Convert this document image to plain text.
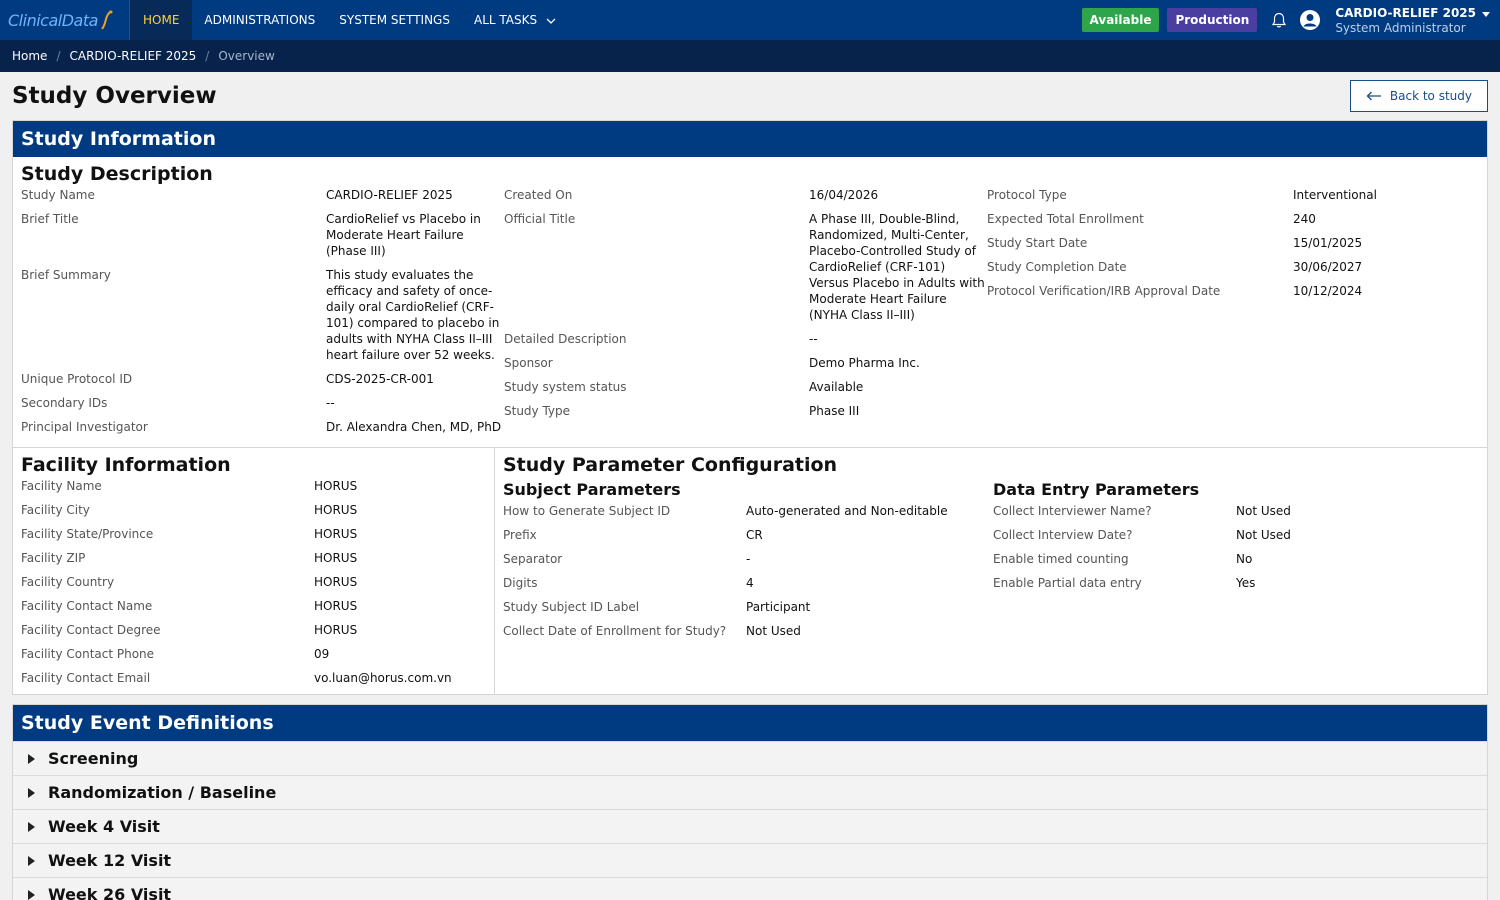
ClinicalData	HOME ADMINISTRATIONS SYSTEM SETTINGS ALL TASKS	Available	Production
CARDIO-RELIEF 2025
System Administrator
Home / CARDIO-RELIEF 2025 / Overview
Study Overview	Back to study
Study Information
Study Description
Study Name	CARDIO-RELIEF 2025
Brief Title	CardioRelief vs Placebo in Moderate Heart Failure (Phase III)
Brief Summary	This study evaluates the efficacy and safety of once-daily oral CardioRelief (CRF-101) compared to placebo in adults with NYHA Class II–III heart failure over 52 weeks.
Unique Protocol ID	CDS-2025-CR-001
Secondary IDs	--
Principal Investigator	Dr. Alexandra Chen, MD, PhD
Created On	16/04/2026
Official Title	A Phase III, Double-Blind, Randomized, Multi-Center, Placebo-Controlled Study of CardioRelief (CRF-101) Versus Placebo in Adults with Moderate Heart Failure (NYHA Class II–III)
Detailed Description	--
Sponsor	Demo Pharma Inc.
Study system status	Available
Study Type	Phase III
Protocol Type	Interventional
Expected Total Enrollment	240
Study Start Date	15/01/2025
Study Completion Date	30/06/2027
Protocol Verification/IRB Approval Date	10/12/2024
Facility Information
Facility Name	HORUS
Facility City	HORUS
Facility State/Province	HORUS
Facility ZIP	HORUS
Facility Country	HORUS
Facility Contact Name	HORUS
Facility Contact Degree	HORUS
Facility Contact Phone	09
Facility Contact Email	vo.luan@horus.com.vn
Study Parameter Configuration
Subject Parameters
How to Generate Subject ID	Auto-generated and Non-editable
Prefix	CR
Separator	-
Digits	4
Study Subject ID Label	Participant
Collect Date of Enrollment for Study?	Not Used
Data Entry Parameters
Collect Interviewer Name?	Not Used
Collect Interview Date?	Not Used
Enable timed counting	No
Enable Partial data entry	Yes
Study Event Definitions
Screening
Randomization / Baseline
Week 4 Visit
Week 12 Visit
Week 26 Visit
